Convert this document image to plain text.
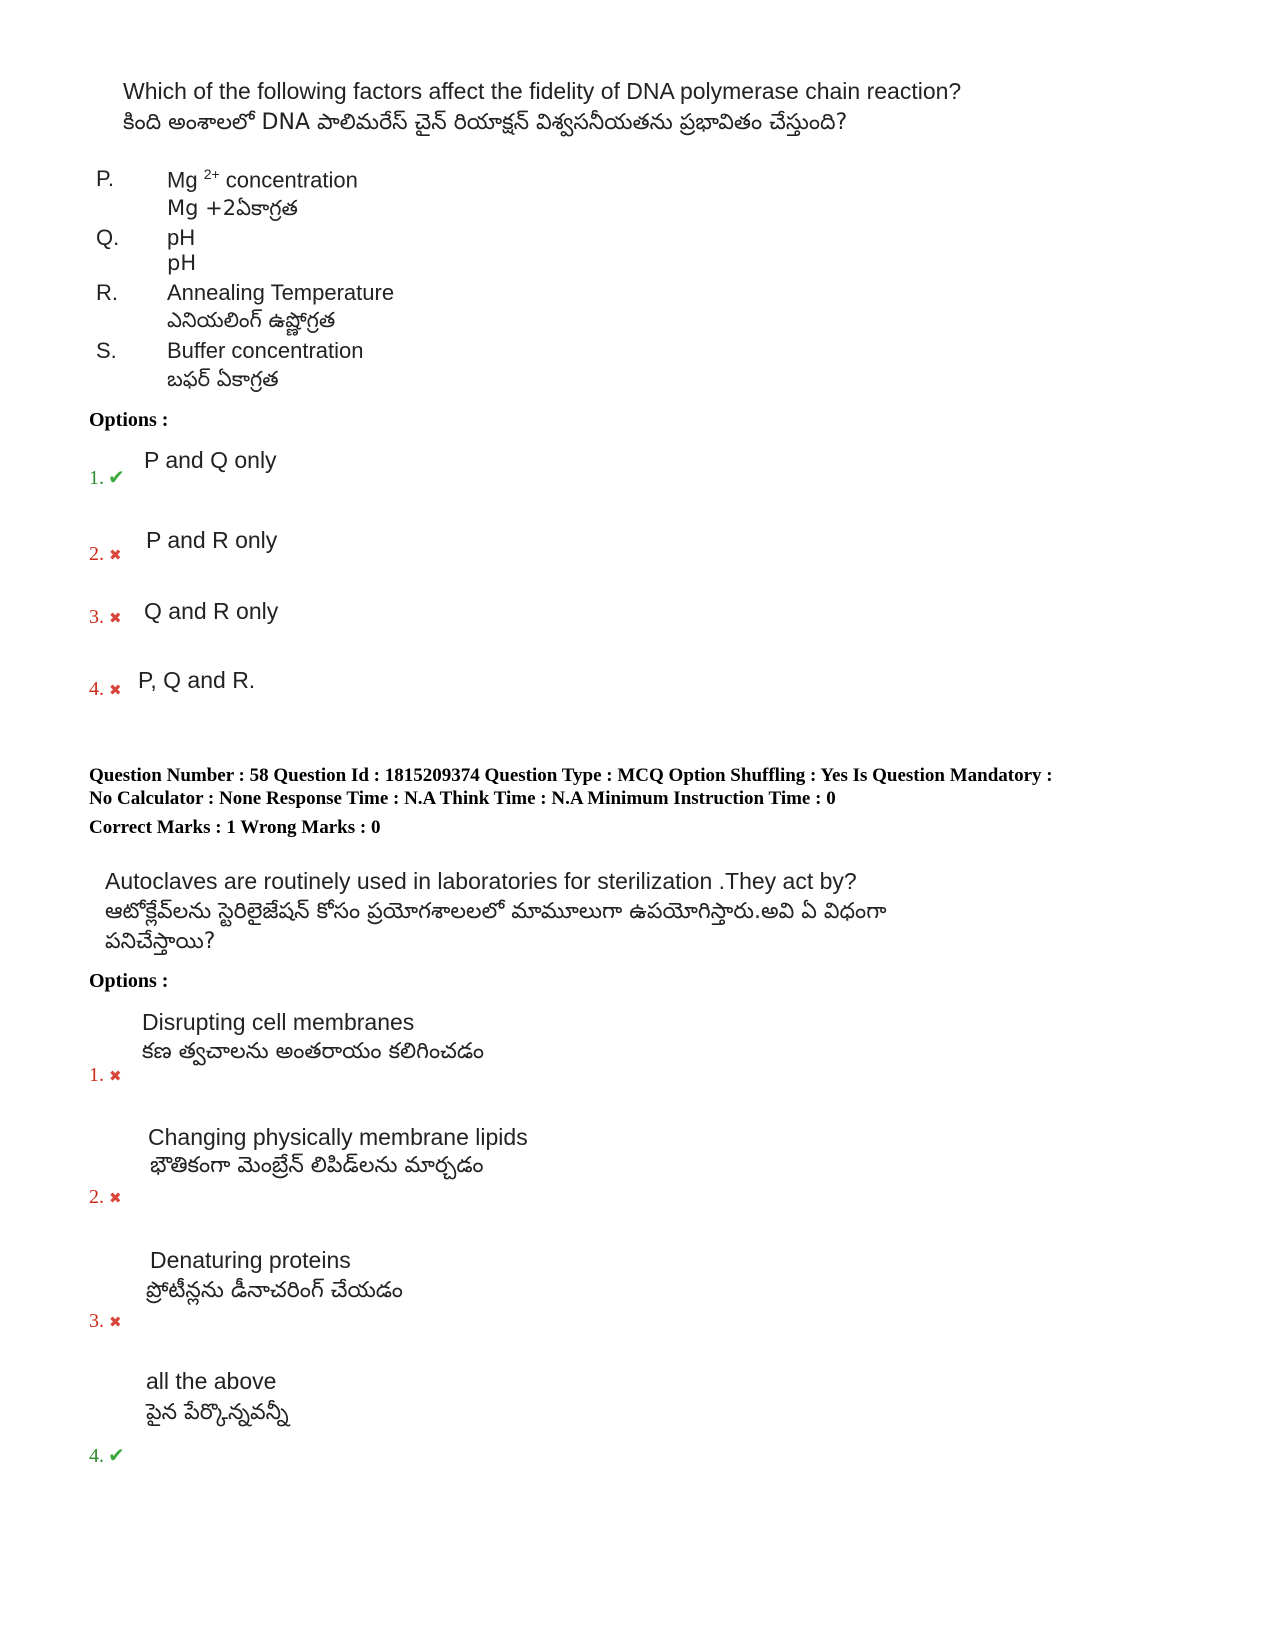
Which of the following factors affect the fidelity of DNA polymerase chain reaction?
కింది అంశాలలో DNA పాలిమరేస్ చైన్ రియాక్షన్ విశ్వసనీయతను ప్రభావితం చేస్తుంది?
P. Mg $^{2+}$ concentration
Mg +2ఏకాగ్రత
Q. pH
pH
R. Annealing Temperature
ఎనియలింగ్ ఉష్ణోగ్రత
S. Buffer concentration
బఫర్ ఏకాగ్రత
Options :
1. ✔
P and Q only
2. ✖
P and R only
3. ✖ Q and R only
4. ✖ P, Q and R.
Question Number : 58 Question Id : 1815209374 Question Type : MCQ Option Shuffling : Yes Is Question Mandatory :
No Calculator : None Response Time : N.A Think Time : N.A Minimum Instruction Time : 0
Correct Marks : 1 Wrong Marks : 0
Autoclaves are routinely used in laboratories for sterilization .They act by?
ఆటోక్లేవ్‌లను స్టెరిలైజేషన్ కోసం ప్రయోగశాలలలో మామూలుగా ఉపయోగిస్తారు.అవి ఏ విధంగా
పనిచేస్తాయి?
Options :
Disrupting cell membranes
కణ త్వచాలను అంతరాయం కలిగించడం
1. ✖
Changing physically membrane lipids
భౌతికంగా మెంబ్రేన్ లిపిడ్‌లను మార్చడం
2. ✖
Denaturing proteins
ప్రోటీన్లను డీనాచరింగ్ చేయడం
3. ✖
all the above
పైన పేర్కొన్నవన్నీ
4. ✔
